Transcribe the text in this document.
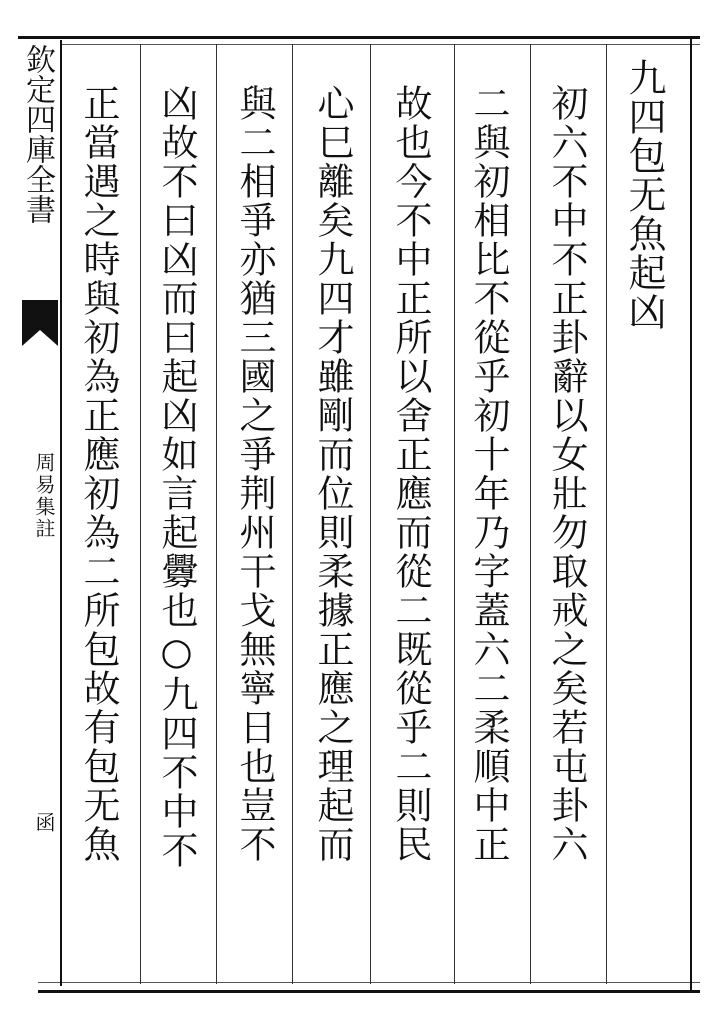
欽定四庫全書
周易集註
函
九四包无魚起凶
初六不中不正卦辭以女壯勿取戒之矣若屯卦六
二與初相比不從乎初十年乃字蓋六二柔順中正
故也今不中正所以舍正應而從二既從乎二則民
心巳離矣九四才雖剛而位則柔據正應之理起而
與二相爭亦猶三國之爭荆州干戈無寧日也豈不
凶故不曰凶而曰起凶如言起釁也○九四不中不
正當遇之時與初為正應初為二所包故有包无魚
